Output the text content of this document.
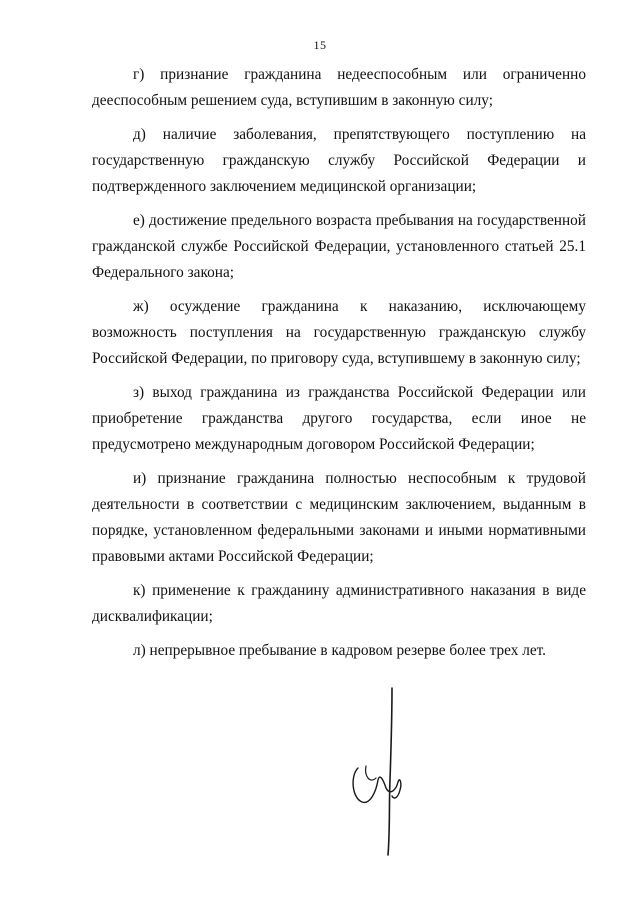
15

г) признание гражданина недееспособным или ограниченно дееспособным решением суда, вступившим в законную силу;

д) наличие заболевания, препятствующего поступлению на государственную гражданскую службу Российской Федерации и подтвержденного заключением медицинской организации;

е) достижение предельного возраста пребывания на государственной гражданской службе Российской Федерации, установленного статьей 25.1 Федерального закона;

ж) осуждение гражданина к наказанию, исключающему возможность поступления на государственную гражданскую службу Российской Федерации, по приговору суда, вступившему в законную силу;

з) выход гражданина из гражданства Российской Федерации или приобретение гражданства другого государства, если иное не предусмотрено международным договором Российской Федерации;

и) признание гражданина полностью неспособным к трудовой деятельности в соответствии с медицинским заключением, выданным в порядке, установленном федеральными законами и иными нормативными правовыми актами Российской Федерации;

к) применение к гражданину административного наказания в виде дисквалификации;

л) непрерывное пребывание в кадровом резерве более трех лет.
